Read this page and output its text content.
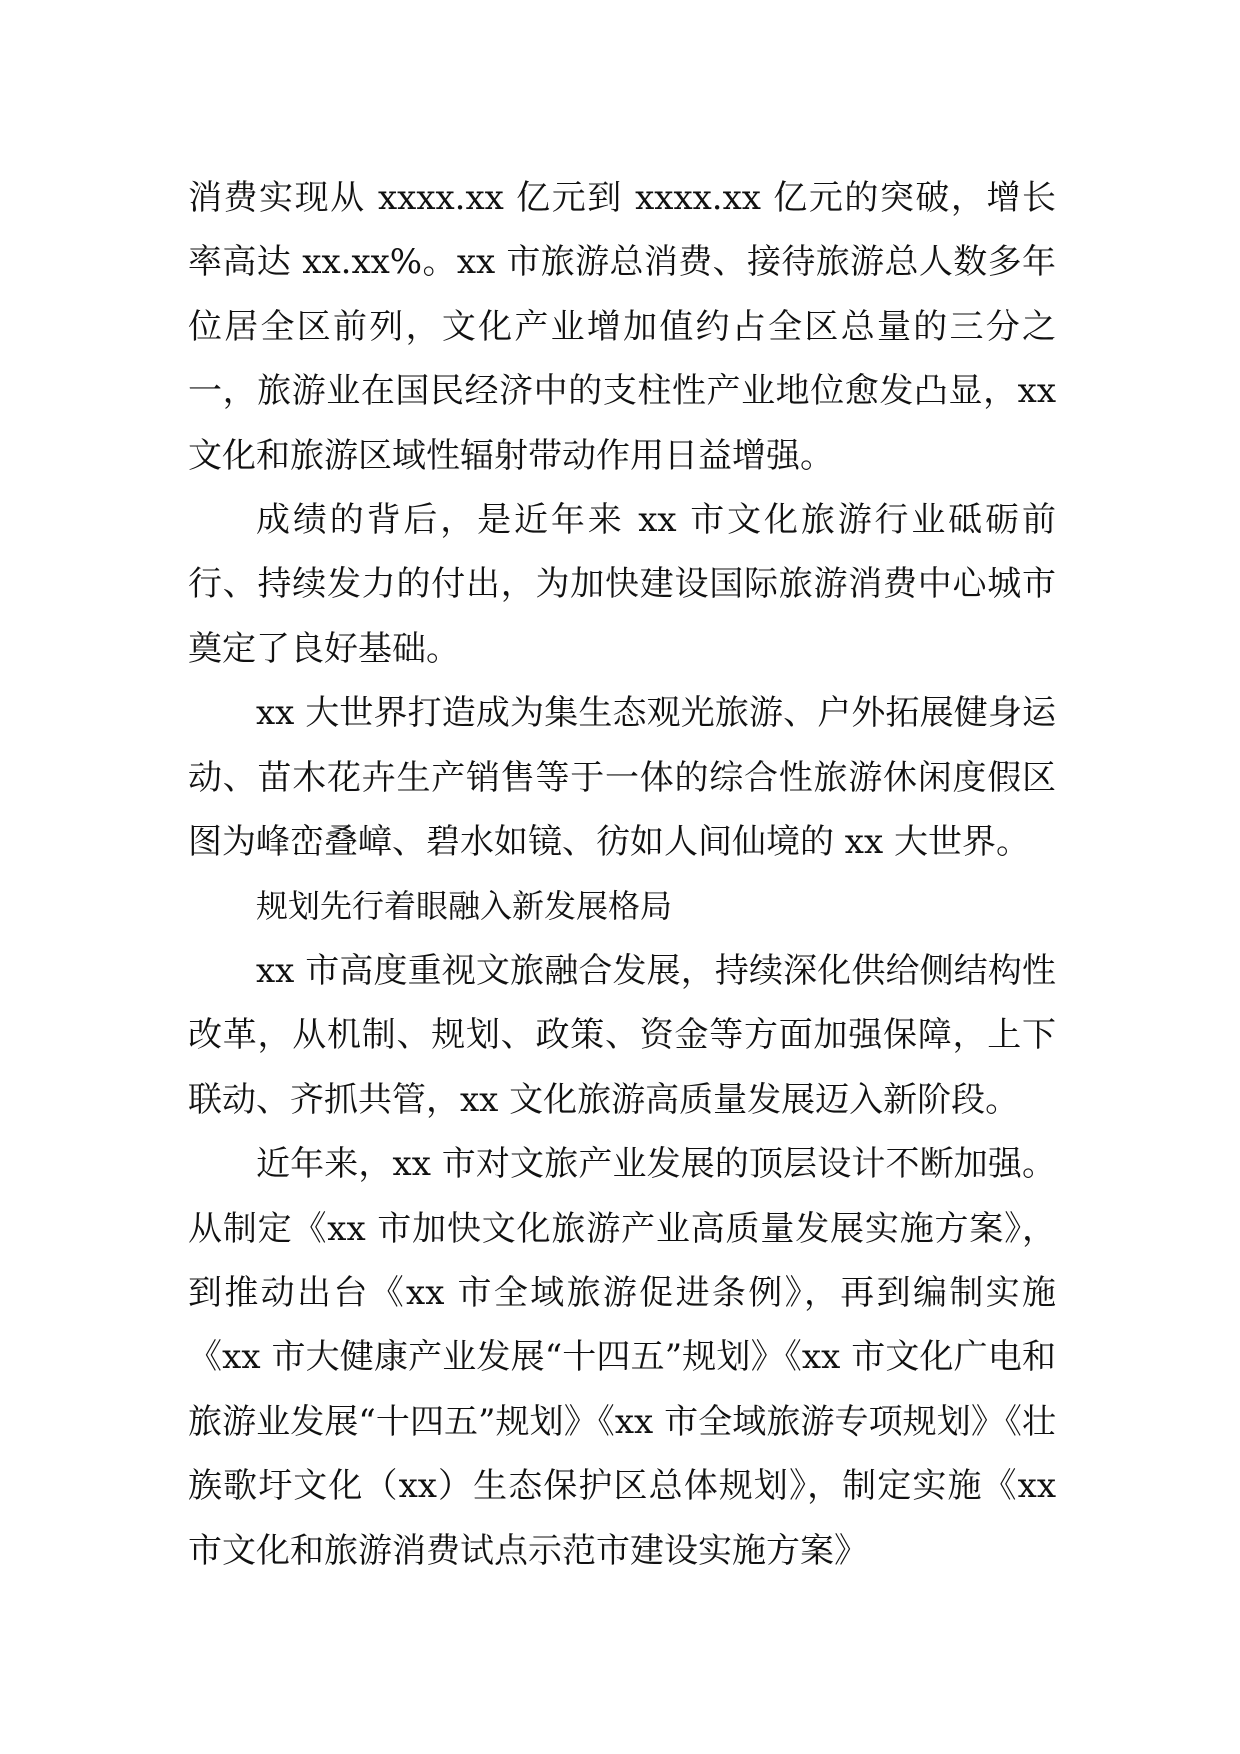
消费实现从 xxxx.xx 亿元到 xxxx.xx 亿元的突破，增长率高达 xx.xx%。xx 市旅游总消费、接待旅游总人数多年位居全区前列，文化产业增加值约占全区总量的三分之一，旅游业在国民经济中的支柱性产业地位愈发凸显，xx 文化和旅游区域性辐射带动作用日益增强。

成绩的背后，是近年来 xx 市文化旅游行业砥砺前行、持续发力的付出，为加快建设国际旅游消费中心城市奠定了良好基础。

xx 大世界打造成为集生态观光旅游、户外拓展健身运动、苗木花卉生产销售等于一体的综合性旅游休闲度假区图为峰峦叠嶂、碧水如镜、彷如人间仙境的 xx 大世界。

规划先行着眼融入新发展格局

xx 市高度重视文旅融合发展，持续深化供给侧结构性改革，从机制、规划、政策、资金等方面加强保障，上下联动、齐抓共管，xx 文化旅游高质量发展迈入新阶段。

近年来，xx 市对文旅产业发展的顶层设计不断加强。从制定《xx 市加快文化旅游产业高质量发展实施方案》，到推动出台《xx 市全域旅游促进条例》，再到编制实施《xx 市大健康产业发展“十四五”规划》《xx 市文化广电和旅游业发展“十四五”规划》《xx 市全域旅游专项规划》《壮族歌圩文化（xx）生态保护区总体规划》，制定实施《xx 市文化和旅游消费试点示范市建设实施方案》
